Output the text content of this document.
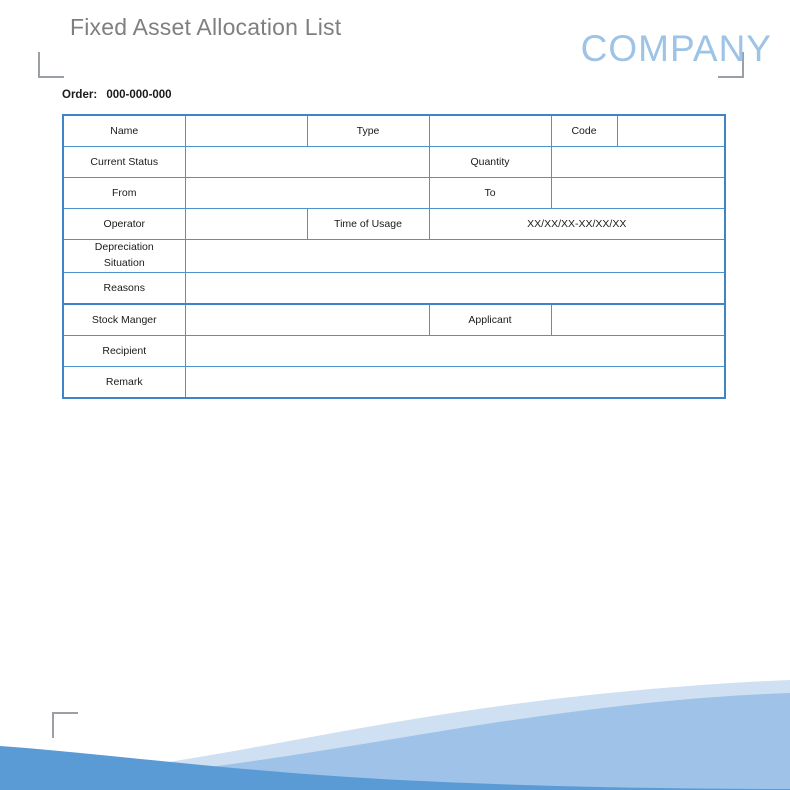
Fixed Asset Allocation List
COMPANY
Order: 000-000-000
Name		Type		Code	
Current Status			Quantity		
From			To		
Operator		Time of Usage	XX/XX/XX-XX/XX/XX		
Depreciation
Situation					
Reasons					
Stock Manger			Applicant		
Recipient					
Remark					
